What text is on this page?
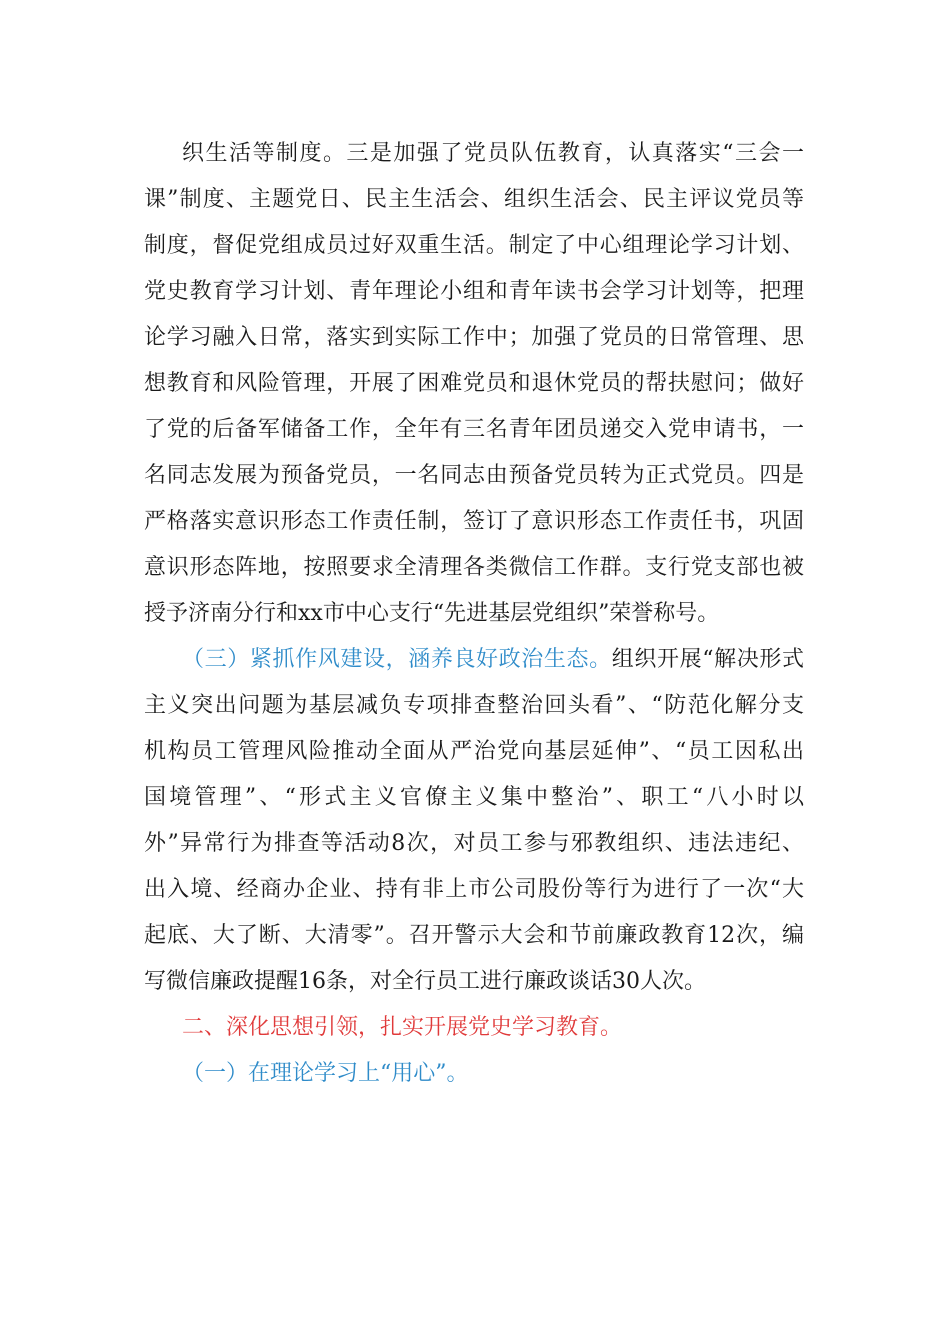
织生活等制度。三是加强了党员队伍教育，认真落实“三会一
课”制度、主题党日、民主生活会、组织生活会、民主评议党员等
制度，督促党组成员过好双重生活。制定了中心组理论学习计划、
党史教育学习计划、青年理论小组和青年读书会学习计划等，把理
论学习融入日常，落实到实际工作中；加强了党员的日常管理、思
想教育和风险管理，开展了困难党员和退休党员的帮扶慰问；做好
了党的后备军储备工作，全年有三名青年团员递交入党申请书，一
名同志发展为预备党员，一名同志由预备党员转为正式党员。四是
严格落实意识形态工作责任制，签订了意识形态工作责任书，巩固
意识形态阵地，按照要求全清理各类微信工作群。支行党支部也被
授予济南分行和xx市中心支行“先进基层党组织”荣誉称号。
（三）紧抓作风建设，涵养良好政治生态。组织开展“解决形式
主义突出问题为基层减负专项排查整治回头看”、“防范化解分支
机构员工管理风险推动全面从严治党向基层延伸”、“员工因私出
国境管理”、“形式主义官僚主义集中整治”、职工“八小时以
外”异常行为排查等活动8次，对员工参与邪教组织、违法违纪、
出入境、经商办企业、持有非上市公司股份等行为进行了一次“大
起底、大了断、大清零”。召开警示大会和节前廉政教育12次，编
写微信廉政提醒16条，对全行员工进行廉政谈话30人次。
二、深化思想引领，扎实开展党史学习教育。
（一）在理论学习上“用心”。
